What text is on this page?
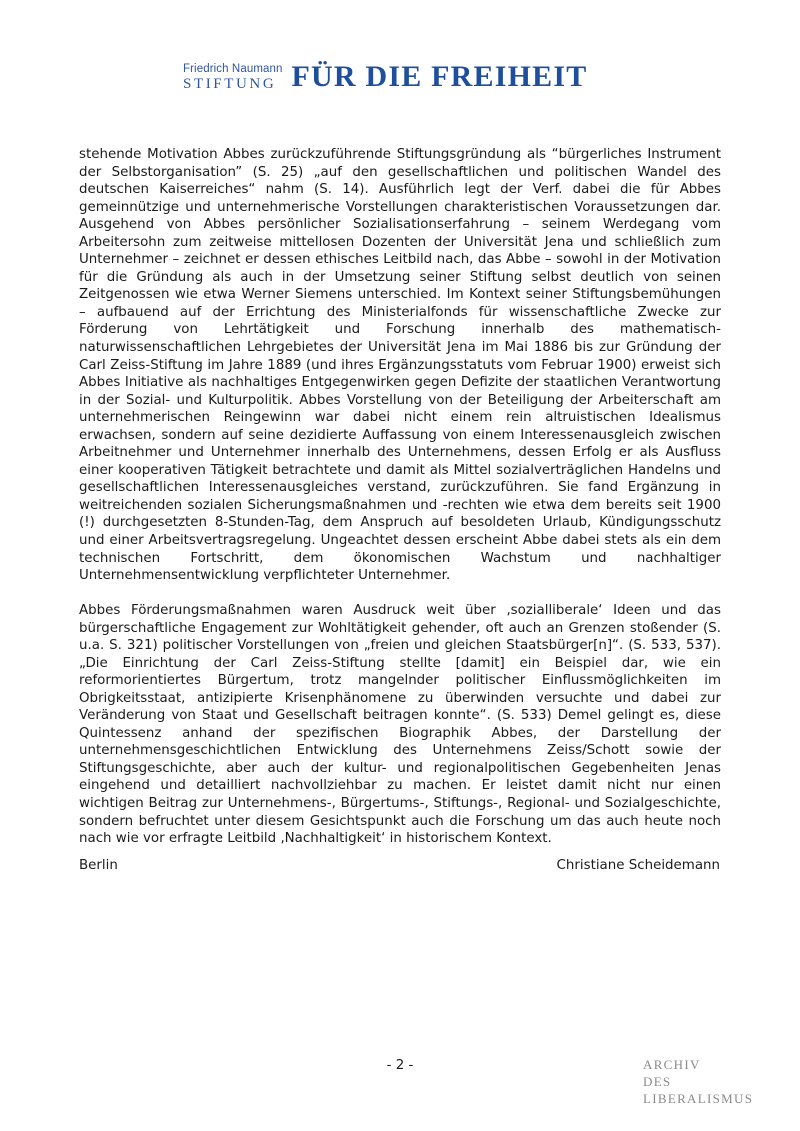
Friedrich Naumann
STIFTUNG FÜR DIE FREIHEIT

stehende Motivation Abbes zurückzuführende Stiftungsgründung als “bürgerliches Instrument der Selbstorganisation” (S. 25) „auf den gesellschaftlichen und politischen Wandel des deutschen Kaiserreiches“ nahm (S. 14). Ausführlich legt der Verf. dabei die für Abbes gemeinnützige und unternehmerische Vorstellungen charakteristischen Voraussetzungen dar. Ausgehend von Abbes persönlicher Sozialisationserfahrung – seinem Werdegang vom Arbeitersohn zum zeitweise mittellosen Dozenten der Universität Jena und schließlich zum Unternehmer – zeichnet er dessen ethisches Leitbild nach, das Abbe – sowohl in der Motivation für die Gründung als auch in der Umsetzung seiner Stiftung selbst deutlich von seinen Zeitgenossen wie etwa Werner Siemens unterschied. Im Kontext seiner Stiftungsbemühungen – aufbauend auf der Errichtung des Ministerialfonds für wissenschaftliche Zwecke zur Förderung von Lehrtätigkeit und Forschung innerhalb des mathematisch-naturwissenschaftlichen Lehrgebietes der Universität Jena im Mai 1886 bis zur Gründung der Carl Zeiss-Stiftung im Jahre 1889 (und ihres Ergänzungsstatuts vom Februar 1900) erweist sich Abbes Initiative als nachhaltiges Entgegenwirken gegen Defizite der staatlichen Verantwortung in der Sozial- und Kulturpolitik. Abbes Vorstellung von der Beteiligung der Arbeiterschaft am unternehmerischen Reingewinn war dabei nicht einem rein altruistischen Idealismus erwachsen, sondern auf seine dezidierte Auffassung von einem Interessenausgleich zwischen Arbeitnehmer und Unternehmer innerhalb des Unternehmens, dessen Erfolg er als Ausfluss einer kooperativen Tätigkeit betrachtete und damit als Mittel sozialverträglichen Handelns und gesellschaftlichen Interessenausgleiches verstand, zurückzuführen. Sie fand Ergänzung in weitreichenden sozialen Sicherungsmaßnahmen und -rechten wie etwa dem bereits seit 1900 (!) durchgesetzten 8-Stunden-Tag, dem Anspruch auf besoldeten Urlaub, Kündigungsschutz und einer Arbeitsvertragsregelung. Ungeachtet dessen erscheint Abbe dabei stets als ein dem technischen Fortschritt, dem ökonomischen Wachstum und nachhaltiger Unternehmensentwicklung verpflichteter Unternehmer.

Abbes Förderungsmaßnahmen waren Ausdruck weit über ‚sozialliberale‘ Ideen und das bürgerschaftliche Engagement zur Wohltätigkeit gehender, oft auch an Grenzen stoßender (S. u.a. S. 321) politischer Vorstellungen von „freien und gleichen Staatsbürger[n]“. (S. 533, 537). „Die Einrichtung der Carl Zeiss-Stiftung stellte [damit] ein Beispiel dar, wie ein reformorientiertes Bürgertum, trotz mangelnder politischer Einflussmöglichkeiten im Obrigkeitsstaat, antizipierte Krisenphänomene zu überwinden versuchte und dabei zur Veränderung von Staat und Gesellschaft beitragen konnte“. (S. 533) Demel gelingt es, diese Quintessenz anhand der spezifischen Biographik Abbes, der Darstellung der unternehmensgeschichtlichen Entwicklung des Unternehmens Zeiss/Schott sowie der Stiftungsgeschichte, aber auch der kultur- und regionalpolitischen Gegebenheiten Jenas eingehend und detailliert nachvollziehbar zu machen. Er leistet damit nicht nur einen wichtigen Beitrag zur Unternehmens-, Bürgertums-, Stiftungs-, Regional- und Sozialgeschichte, sondern befruchtet unter diesem Gesichtspunkt auch die Forschung um das auch heute noch nach wie vor erfragte Leitbild ‚Nachhaltigkeit‘ in historischem Kontext.

Berlin	Christiane Scheidemann
- 2 -	ARCHIV
DES
LIBERALISMUS
